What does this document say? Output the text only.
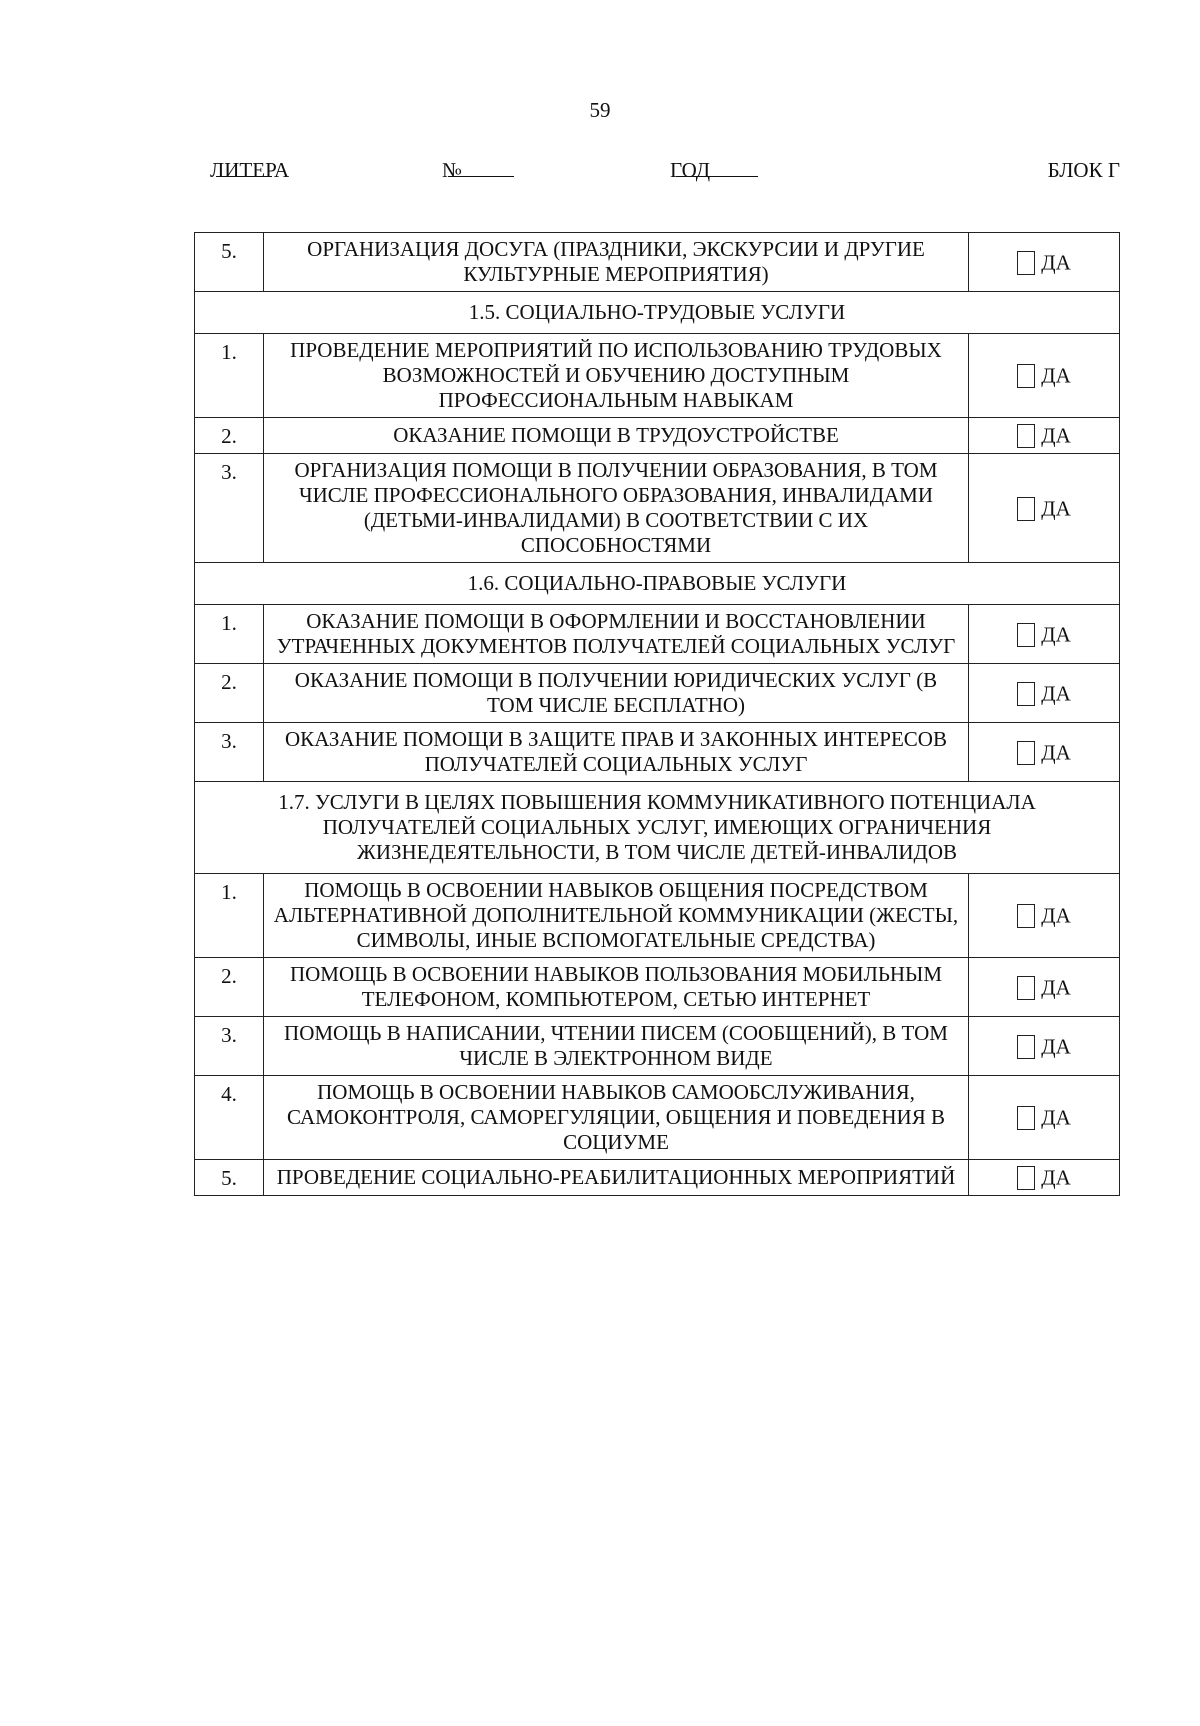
59
ЛИТЕРА	№	ГОД	БЛОК Г
5.	ОРГАНИЗАЦИЯ ДОСУГА (ПРАЗДНИКИ, ЭКСКУРСИИ И ДРУГИЕ КУЛЬТУРНЫЕ МЕРОПРИЯТИЯ)	ДА
1.5. СОЦИАЛЬНО-ТРУДОВЫЕ УСЛУГИ		
1.	ПРОВЕДЕНИЕ МЕРОПРИЯТИЙ ПО ИСПОЛЬЗОВАНИЮ ТРУДОВЫХ ВОЗМОЖНОСТЕЙ И ОБУЧЕНИЮ ДОСТУПНЫМ ПРОФЕССИОНАЛЬНЫМ НАВЫКАМ	ДА
2.	ОКАЗАНИЕ ПОМОЩИ В ТРУДОУСТРОЙСТВЕ	ДА
3.	ОРГАНИЗАЦИЯ ПОМОЩИ В ПОЛУЧЕНИИ ОБРАЗОВАНИЯ, В ТОМ ЧИСЛЕ ПРОФЕССИОНАЛЬНОГО ОБРАЗОВАНИЯ, ИНВАЛИДАМИ (ДЕТЬМИ-ИНВАЛИДАМИ) В СООТВЕТСТВИИ С ИХ СПОСОБНОСТЯМИ	ДА
1.6. СОЦИАЛЬНО-ПРАВОВЫЕ УСЛУГИ		
1.	ОКАЗАНИЕ ПОМОЩИ В ОФОРМЛЕНИИ И ВОССТАНОВЛЕНИИ УТРАЧЕННЫХ ДОКУМЕНТОВ ПОЛУЧАТЕЛЕЙ СОЦИАЛЬНЫХ УСЛУГ	ДА
2.	ОКАЗАНИЕ ПОМОЩИ В ПОЛУЧЕНИИ ЮРИДИЧЕСКИХ УСЛУГ (В ТОМ ЧИСЛЕ БЕСПЛАТНО)	ДА
3.	ОКАЗАНИЕ ПОМОЩИ В ЗАЩИТЕ ПРАВ И ЗАКОННЫХ ИНТЕРЕСОВ ПОЛУЧАТЕЛЕЙ СОЦИАЛЬНЫХ УСЛУГ	ДА
1.7. УСЛУГИ В ЦЕЛЯХ ПОВЫШЕНИЯ КОММУНИКАТИВНОГО ПОТЕНЦИАЛА ПОЛУЧАТЕЛЕЙ СОЦИАЛЬНЫХ УСЛУГ, ИМЕЮЩИХ ОГРАНИЧЕНИЯ ЖИЗНЕДЕЯТЕЛЬНОСТИ, В ТОМ ЧИСЛЕ ДЕТЕЙ-ИНВАЛИДОВ		
1.	ПОМОЩЬ В ОСВОЕНИИ НАВЫКОВ ОБЩЕНИЯ ПОСРЕДСТВОМ АЛЬТЕРНАТИВНОЙ ДОПОЛНИТЕЛЬНОЙ КОММУНИКАЦИИ (ЖЕСТЫ, СИМВОЛЫ, ИНЫЕ ВСПОМОГАТЕЛЬНЫЕ СРЕДСТВА)	ДА
2.	ПОМОЩЬ В ОСВОЕНИИ НАВЫКОВ ПОЛЬЗОВАНИЯ МОБИЛЬНЫМ ТЕЛЕФОНОМ, КОМПЬЮТЕРОМ, СЕТЬЮ ИНТЕРНЕТ	ДА
3.	ПОМОЩЬ В НАПИСАНИИ, ЧТЕНИИ ПИСЕМ (СООБЩЕНИЙ), В ТОМ ЧИСЛЕ В ЭЛЕКТРОННОМ ВИДЕ	ДА
4.	ПОМОЩЬ В ОСВОЕНИИ НАВЫКОВ САМООБСЛУЖИВАНИЯ, САМОКОНТРОЛЯ, САМОРЕГУЛЯЦИИ, ОБЩЕНИЯ И ПОВЕДЕНИЯ В СОЦИУМЕ	ДА
5.	ПРОВЕДЕНИЕ СОЦИАЛЬНО-РЕАБИЛИТАЦИОННЫХ МЕРОПРИЯТИЙ	ДА
